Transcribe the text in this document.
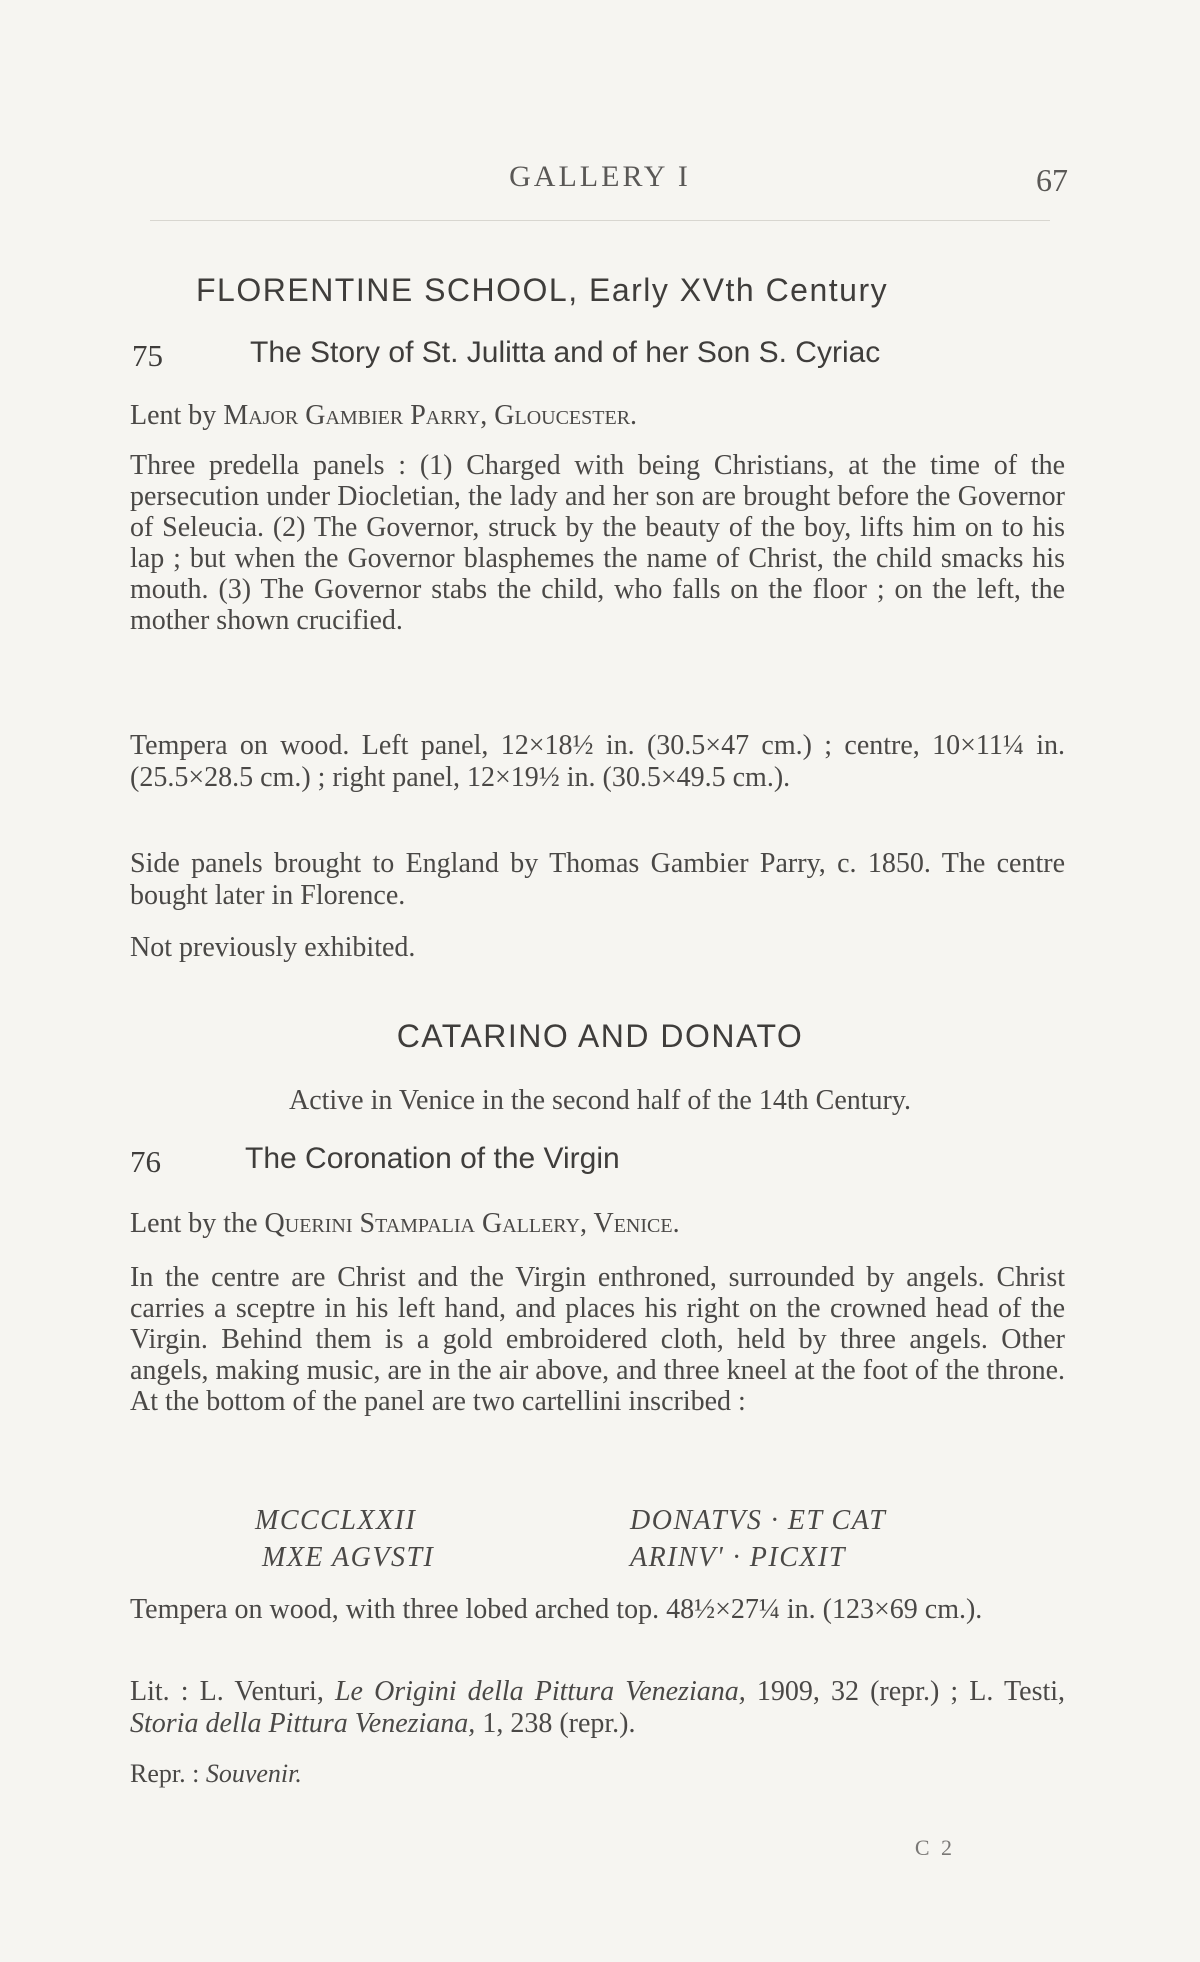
GALLERY I	67
FLORENTINE SCHOOL, Early XVth Century
75	The Story of St. Julitta and of her Son S. Cyriac
Lent by Major Gambier Parry, Gloucester.
Three predella panels : (1) Charged with being Christians, at the time of the persecution under Diocletian, the lady and her son are brought before the Governor of Seleucia. (2) The Governor, struck by the beauty of the boy, lifts him on to his lap ; but when the Governor blasphemes the name of Christ, the child smacks his mouth. (3) The Governor stabs the child, who falls on the floor ; on the left, the mother shown crucified.
Tempera on wood. Left panel, 12×18½ in. (30.5×47 cm.) ; centre, 10×11¼ in. (25.5×28.5 cm.) ; right panel, 12×19½ in. (30.5×49.5 cm.).
Side panels brought to England by Thomas Gambier Parry, c. 1850. The centre bought later in Florence.
Not previously exhibited.
CATARINO AND DONATO
Active in Venice in the second half of the 14th Century.
76	The Coronation of the Virgin
Lent by the Querini Stampalia Gallery, Venice.
In the centre are Christ and the Virgin enthroned, surrounded by angels. Christ carries a sceptre in his left hand, and places his right on the crowned head of the Virgin. Behind them is a gold embroidered cloth, held by three angels. Other angels, making music, are in the air above, and three kneel at the foot of the throne. At the bottom of the panel are two cartellini inscribed :
MCCCLXXII
MXE AGVSTI
DONATVS · ET CAT
ARINV' · PICXIT
Tempera on wood, with three lobed arched top. 48½×27¼ in. (123×69 cm.).
Lit. : L. Venturi, Le Origini della Pittura Veneziana, 1909, 32 (repr.) ; L. Testi, Storia della Pittura Veneziana, 1, 238 (repr.).
Repr. : Souvenir.
C 2
